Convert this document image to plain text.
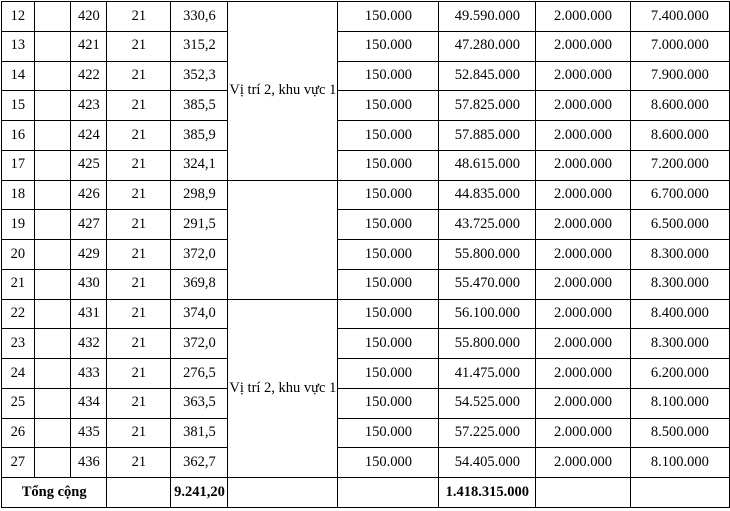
12		420	21	330,6	Vị trí 2, khu vực 1	150.000	49.590.000	2.000.000	7.400.000
13		421	21	315,2		150.000	47.280.000	2.000.000	7.000.000
14		422	21	352,3		150.000	52.845.000	2.000.000	7.900.000
15		423	21	385,5		150.000	57.825.000	2.000.000	8.600.000
16		424	21	385,9		150.000	57.885.000	2.000.000	8.600.000
17		425	21	324,1		150.000	48.615.000	2.000.000	7.200.000
18		426	21	298,9		150.000	44.835.000	2.000.000	6.700.000
19		427	21	291,5		150.000	43.725.000	2.000.000	6.500.000
20		429	21	372,0		150.000	55.800.000	2.000.000	8.300.000
21		430	21	369,8		150.000	55.470.000	2.000.000	8.300.000
22		431	21	374,0	Vị trí 2, khu vực 1	150.000	56.100.000	2.000.000	8.400.000
23		432	21	372,0		150.000	55.800.000	2.000.000	8.300.000
24		433	21	276,5		150.000	41.475.000	2.000.000	6.200.000
25		434	21	363,5		150.000	54.525.000	2.000.000	8.100.000
26		435	21	381,5		150.000	57.225.000	2.000.000	8.500.000
27		436	21	362,7		150.000	54.405.000	2.000.000	8.100.000
Tổng cộng				9.241,20			1.418.315.000		
